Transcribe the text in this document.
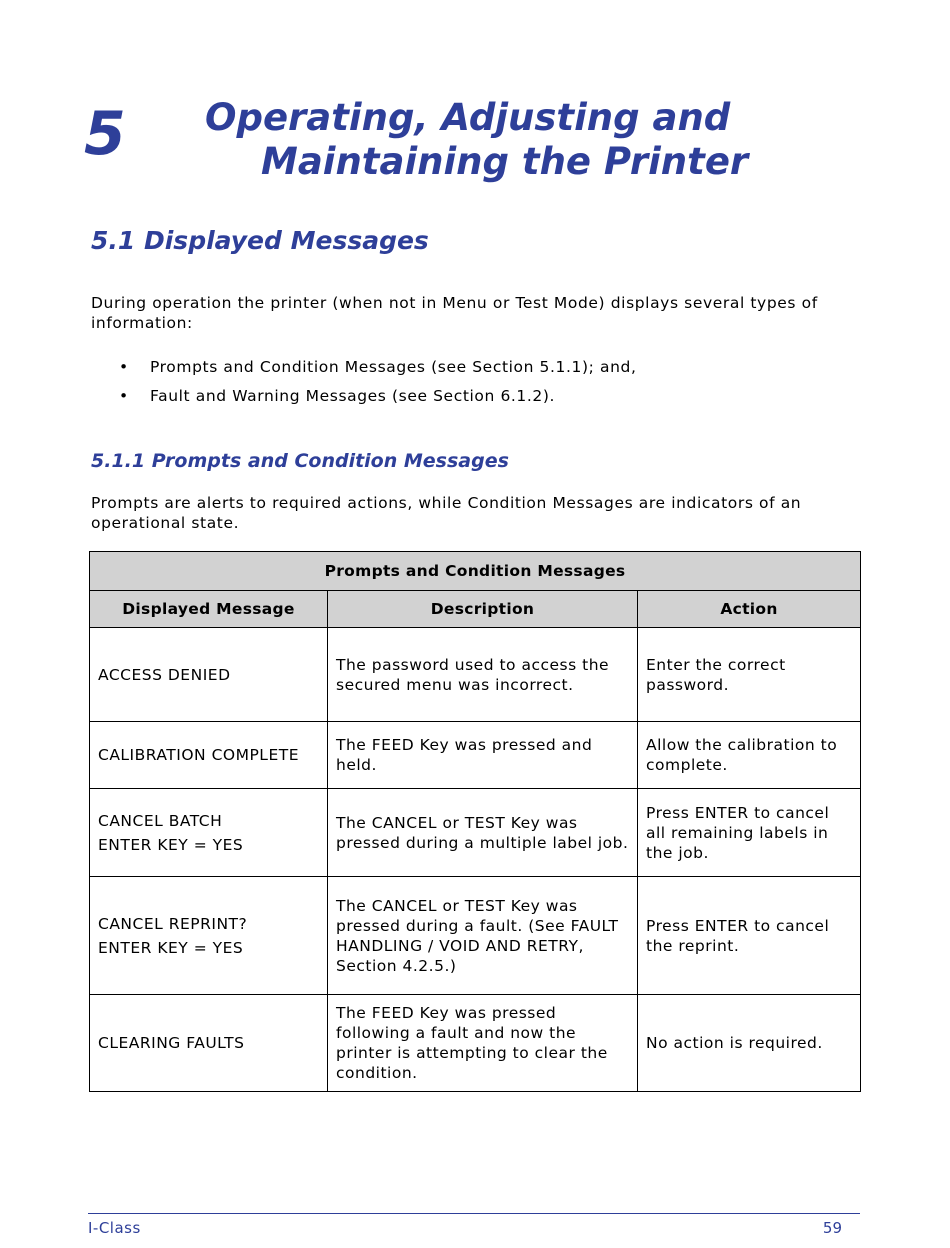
5 Operating, Adjusting and
Maintaining the Printer
5.1 Displayed Messages
During operation the printer (when not in Menu or Test Mode) displays several types of information:
• Prompts and Condition Messages (see Section 5.1.1); and,
• Fault and Warning Messages (see Section 6.1.2).
5.1.1 Prompts and Condition Messages
Prompts are alerts to required actions, while Condition Messages are indicators of an operational state.
Prompts and Condition Messages		
Displayed Message	Description	Action

ACCESS DENIED	The password used to access the secured menu was incorrect.	Enter the correct password.

CALIBRATION COMPLETE	The FEED Key was pressed and held.	Allow the calibration to complete.

CANCEL BATCH
ENTER KEY = YES	The CANCEL or TEST Key was pressed during a multiple label job.	Press ENTER to cancel all remaining labels in the job.

CANCEL REPRINT?
ENTER KEY = YES	The CANCEL or TEST Key was pressed during a fault. (See FAULT HANDLING / VOID AND RETRY, Section 4.2.5.)	Press ENTER to cancel the reprint.

CLEARING FAULTS	The FEED Key was pressed following a fault and now the printer is attempting to clear the condition.	No action is required.
I-Class	59
